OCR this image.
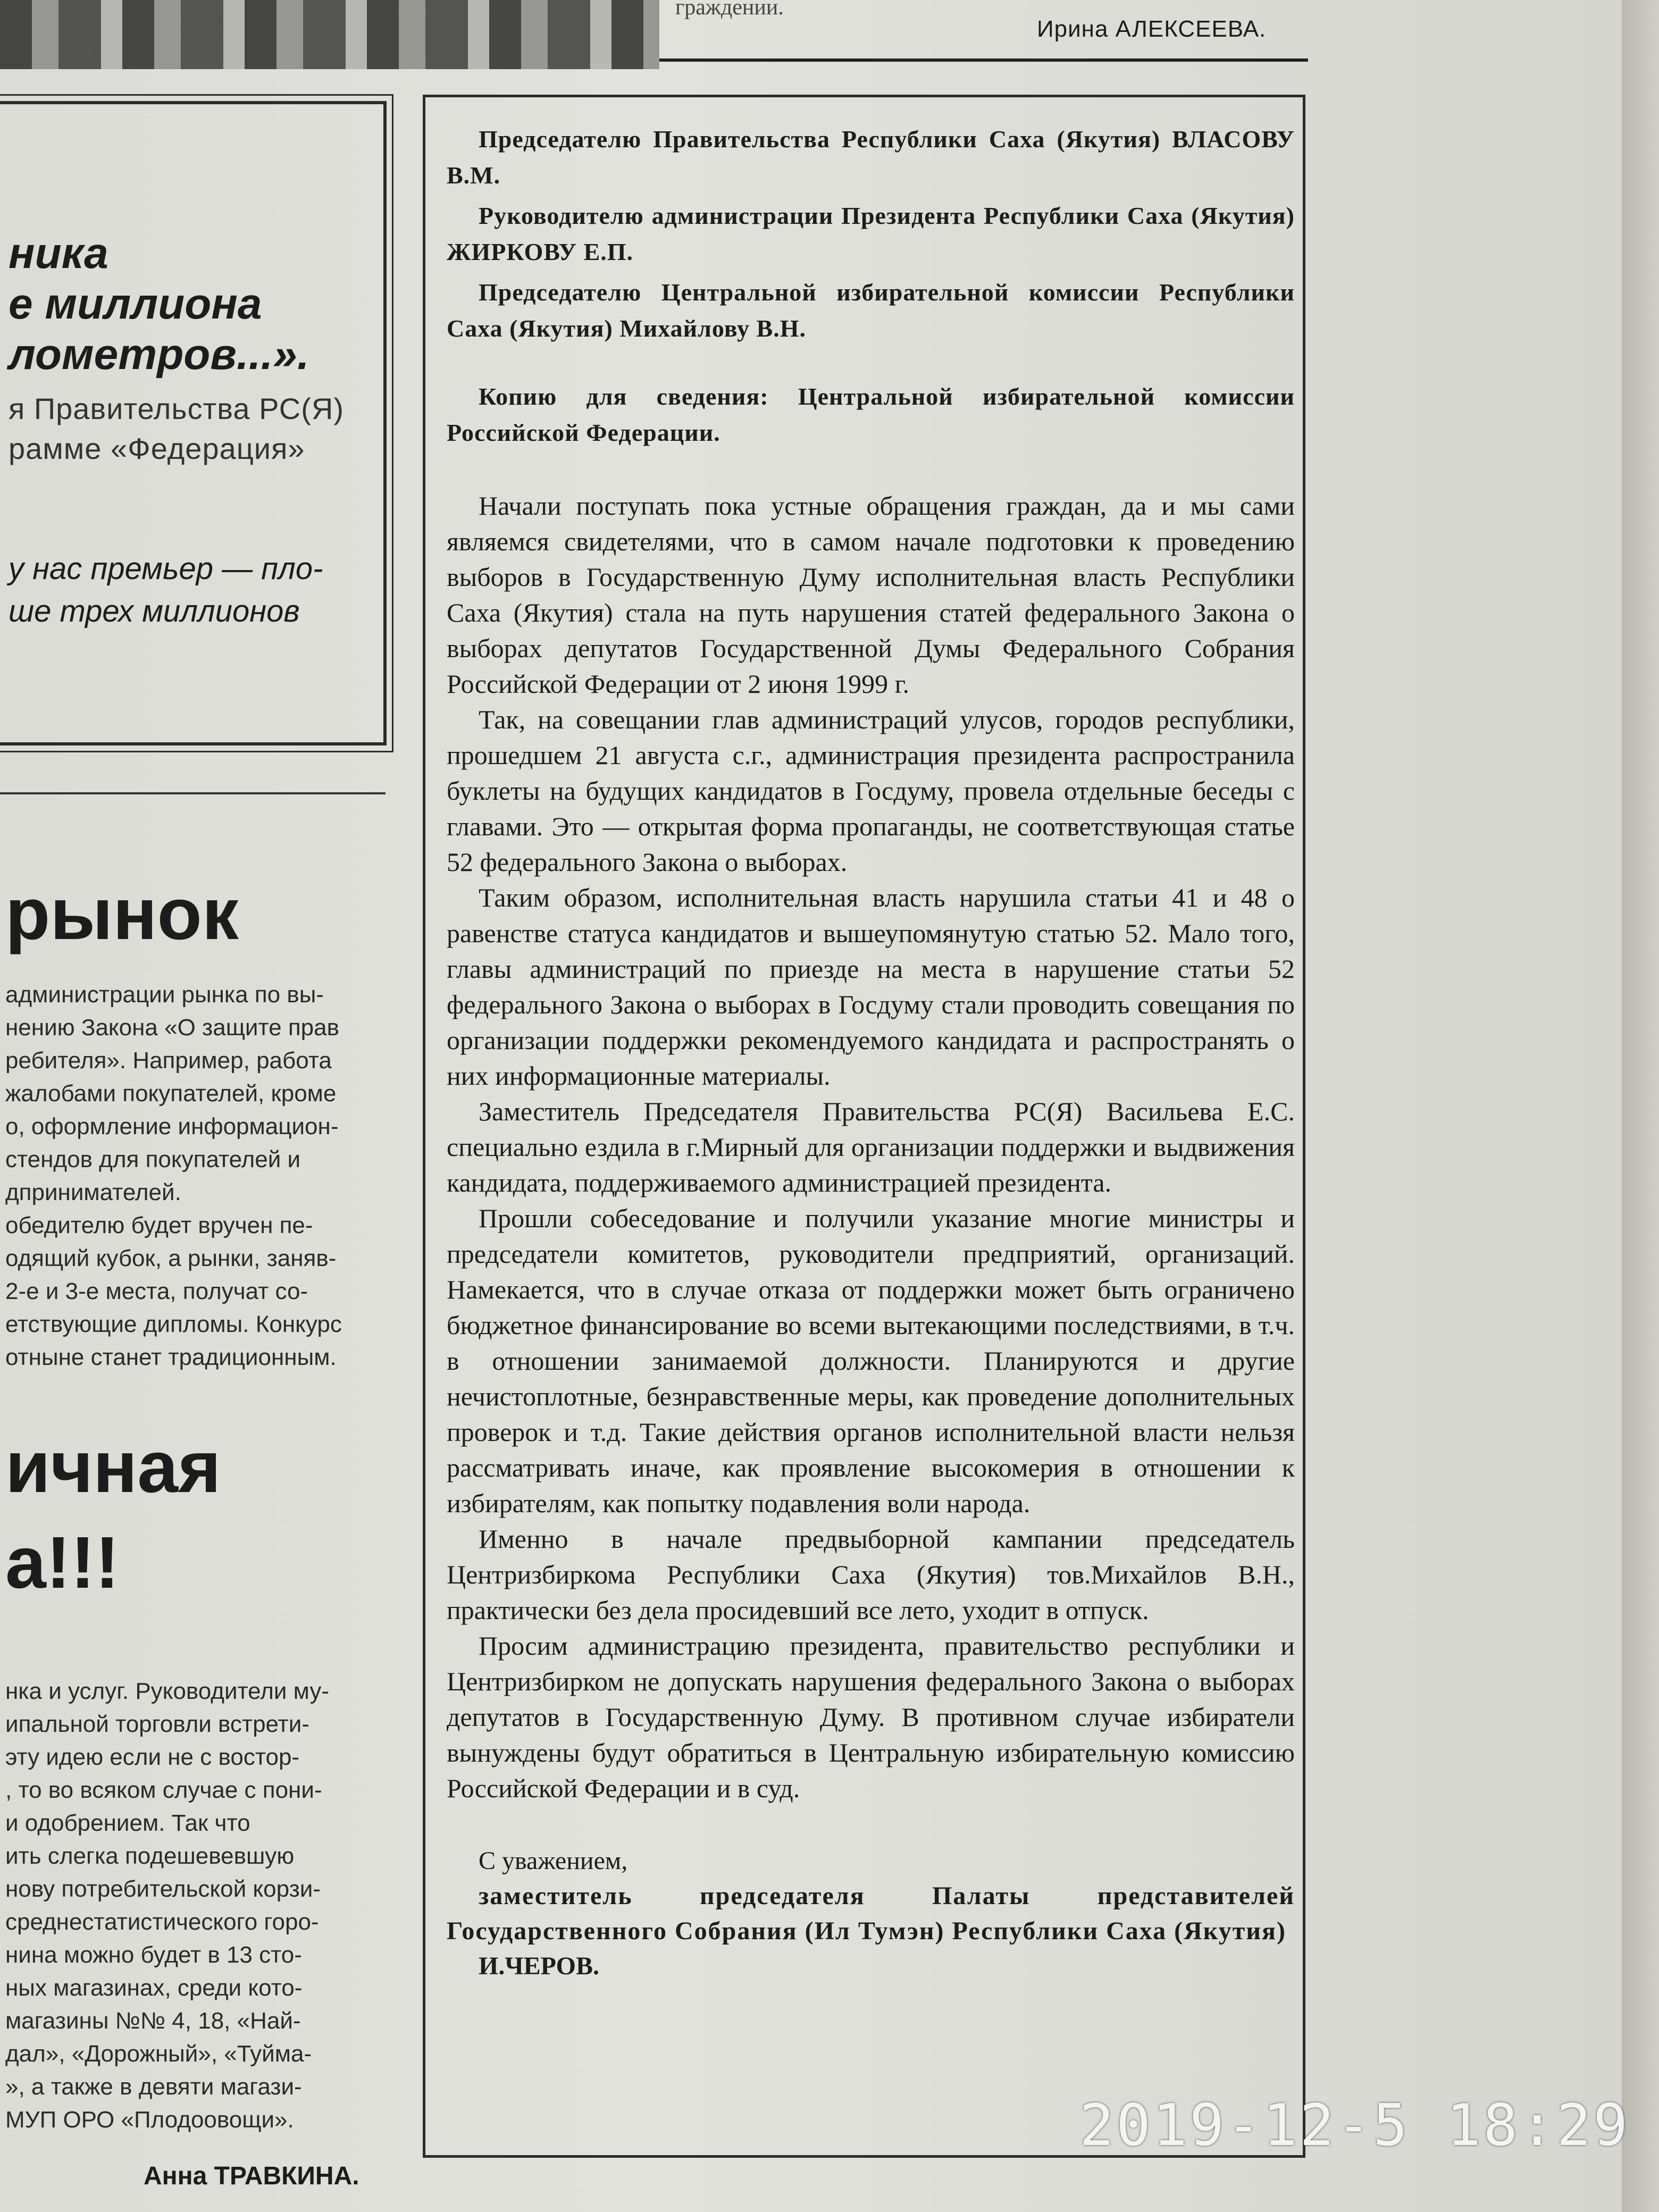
граждении.
Ирина АЛЕКСЕЕВА.
ника
е миллиона
лометров...».
я Правительства РС(Я)
рамме «Федерация»
у нас премьер — пло-
ше трех миллионов
рынок
администрации рынка по вы-
нению Закона «О защите прав
ребителя». Например, работа
жалобами покупателей, кроме
о, оформление информацион-
стендов для покупателей и
дпринимателей.
обедителю будет вручен пе-
одящий кубок, а рынки, заняв-
2-е и 3-е места, получат со-
етствующие дипломы. Конкурс
отныне станет традиционным.
ичная
а!!!
нка и услуг. Руководители му-
ипальной торговли встрети-
эту идею если не с востор-
, то во всяком случае с пони-
и одобрением. Так что
ить слегка подешевевшую
нову потребительской корзи-
среднестатистического горо-
нина можно будет в 13 сто-
ных магазинах, среди кото-
магазины №№ 4, 18, «Най-
дал», «Дорожный», «Туйма-
», а также в девяти магази-
МУП ОРО «Плодоовощи».
Анна ТРАВКИНА.

Председателю Правительства Республики Саха (Якутия) ВЛАСОВУ В.М.

Руководителю администрации Президента Республики Саха (Якутия) ЖИРКОВУ Е.П.

Председателю Центральной избирательной комиссии Республики Саха (Якутия) Михайлову В.Н.

Копию для сведения: Центральной избирательной комиссии Российской Федерации.

Начали поступать пока устные обращения граждан, да и мы сами являемся свидетелями, что в самом начале подготовки к проведению выборов в Государственную Думу исполнительная власть Республики Саха (Якутия) стала на путь нарушения статей федерального Закона о выборах депутатов Государственной Думы Федерального Собрания Российской Федерации от 2 июня 1999 г.

Так, на совещании глав администраций улусов, городов республики, прошедшем 21 августа с.г., администрация президента распространила буклеты на будущих кандидатов в Госдуму, провела отдельные беседы с главами. Это — открытая форма пропаганды, не соответствующая статье 52 федерального Закона о выборах.

Таким образом, исполнительная власть нарушила статьи 41 и 48 о равенстве статуса кандидатов и вышеупомянутую статью 52. Мало того, главы администраций по приезде на места в нарушение статьи 52 федерального Закона о выборах в Госдуму стали проводить совещания по организации поддержки рекомендуемого кандидата и распространять о них информационные материалы.

Заместитель Председателя Правительства РС(Я) Васильева Е.С. специально ездила в г.Мирный для организации поддержки и выдвижения кандидата, поддерживаемого администрацией президента.

Прошли собеседование и получили указание многие министры и председатели комитетов, руководители предприятий, организаций. Намекается, что в случае отказа от поддержки может быть ограничено бюджетное финансирование во всеми вытекающими последствиями, в т.ч. в отношении занимаемой должности. Планируются и другие нечистоплотные, безнравственные меры, как проведение дополнительных проверок и т.д. Такие действия органов исполнительной власти нельзя рассматривать иначе, как проявление высокомерия в отношении к избирателям, как попытку подавления воли народа.

Именно в начале предвыборной кампании председатель Центризбиркома Республики Саха (Якутия) тов.Михайлов В.Н., практически без дела просидевший все лето, уходит в отпуск.

Просим администрацию президента, правительство республики и Центризбирком не допускать нарушения федерального Закона о выборах депутатов в Государственную Думу. В противном случае избиратели вынуждены будут обратиться в Центральную избирательную комиссию Российской Федерации и в суд.

С уважением,
заместитель председателя Палаты представителей Государственного Собрания (Ил Тумэн) Республики Саха (Якутия)
И.ЧЕРОВ.
2019-12-5 18:29
